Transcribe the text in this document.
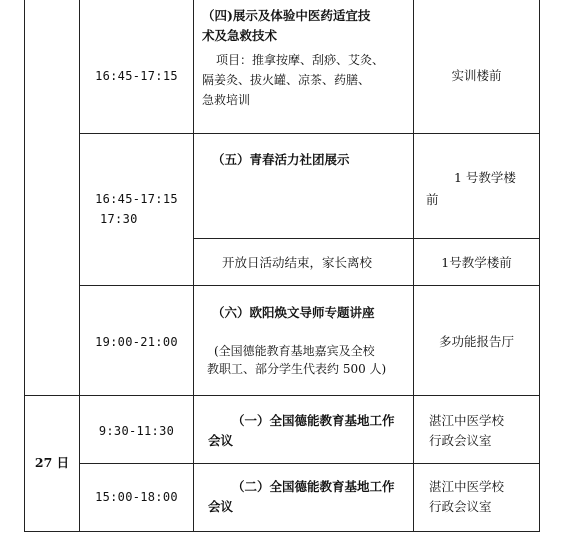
16:45-17:15
（四)展示及体验中医药适宜技
术及急救技术
项目：推拿按摩、刮痧、艾灸、
隔姜灸、拔火罐、凉茶、药膳、
急救培训
实训楼前
16:45-17:15
17:30
（五）青春活力社团展示
1 号教学楼
前
开放日活动结束，家长离校	1号教学楼前
19:00-21:00
（六）欧阳焕文导师专题讲座
(全国德能教育基地嘉宾及全校
教职工、部分学生代表约 500 人)
多功能报告厅
27 日
9:30-11:30
（一）全国德能教育基地工作
会议
湛江中医学校
行政会议室
15:00-18:00
（二）全国德能教育基地工作
会议
湛江中医学校
行政会议室
